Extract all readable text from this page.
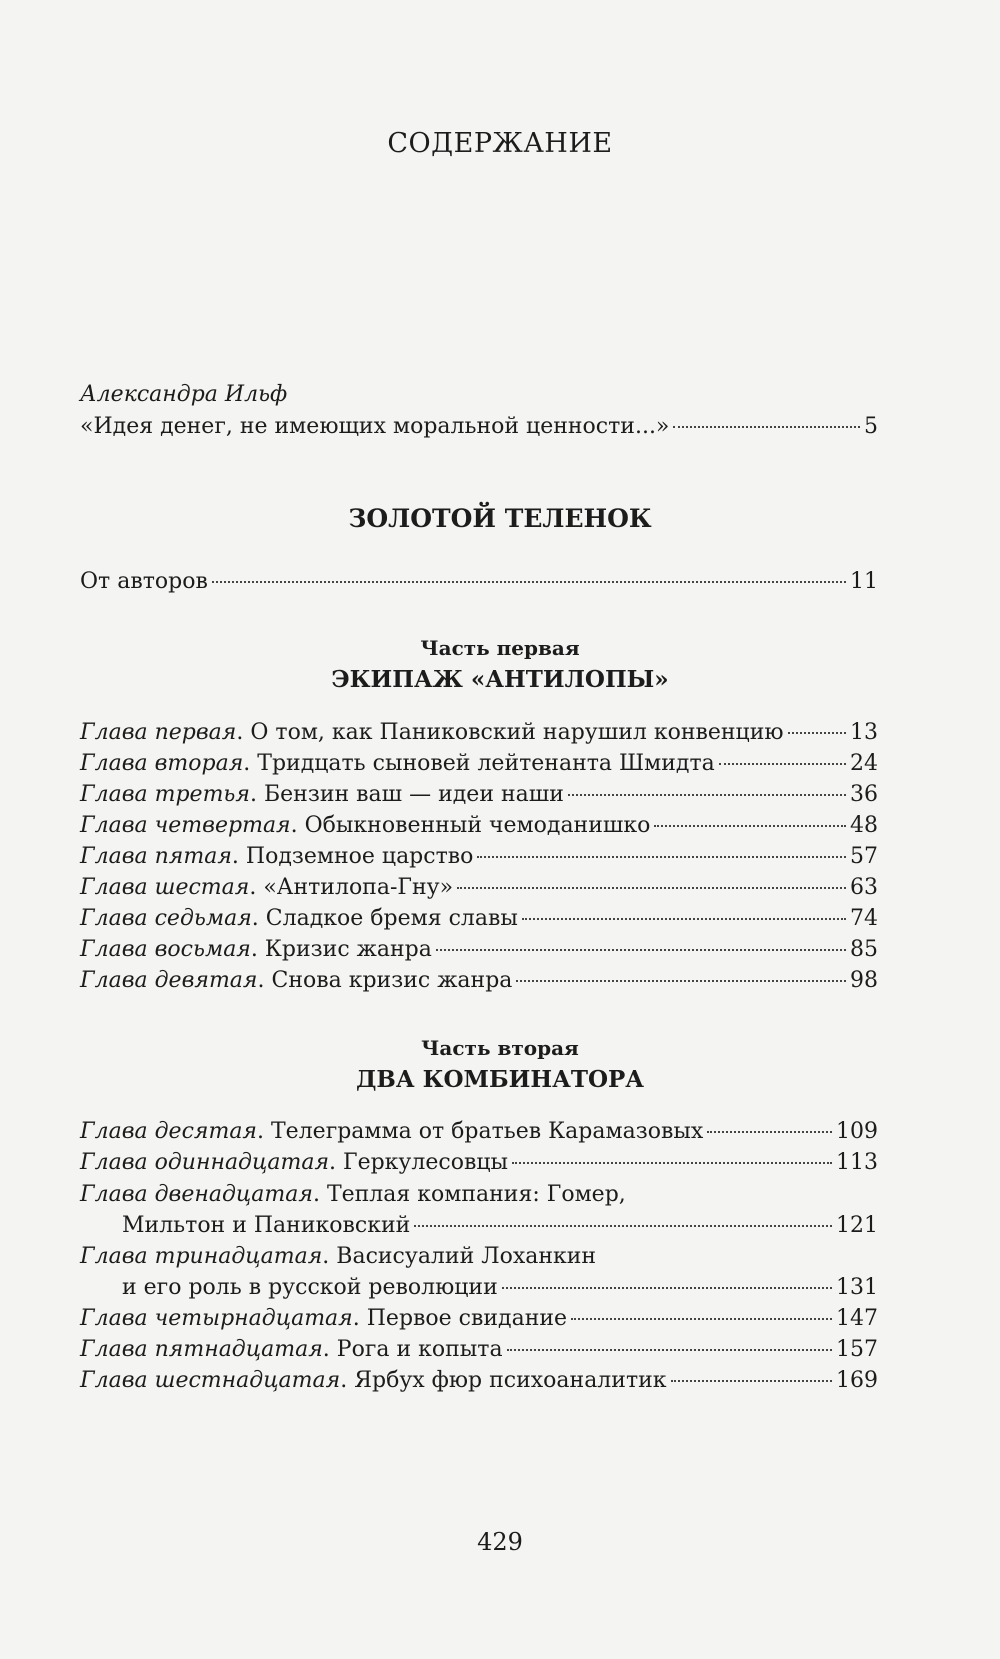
СОДЕРЖАНИЕ
Александра Ильф
«Идея денег, не имеющих моральной ценности...»	5
ЗОЛОТОЙ ТЕЛЕНОК
От авторов	11
Часть первая
ЭКИПАЖ «АНТИЛОПЫ»
Глава первая. О том, как Паниковский нарушил конвенцию	13
Глава вторая. Тридцать сыновей лейтенанта Шмидта	24
Глава третья. Бензин ваш — идеи наши	36
Глава четвертая. Обыкновенный чемоданишко	48
Глава пятая. Подземное царство	57
Глава шестая. «Антилопа-Гну»	63
Глава седьмая. Сладкое бремя славы	74
Глава восьмая. Кризис жанра	85
Глава девятая. Снова кризис жанра	98
Часть вторая
ДВА КОМБИНАТОРА
Глава десятая. Телеграмма от братьев Карамазовых	109
Глава одиннадцатая. Геркулесовцы	113
Глава двенадцатая. Теплая компания: Гомер,
Мильтон и Паниковский	121
Глава тринадцатая. Васисуалий Лоханкин
и его роль в русской революции	131
Глава четырнадцатая. Первое свидание	147
Глава пятнадцатая. Рога и копыта	157
Глава шестнадцатая. Ярбух фюр психоаналитик	169
429
